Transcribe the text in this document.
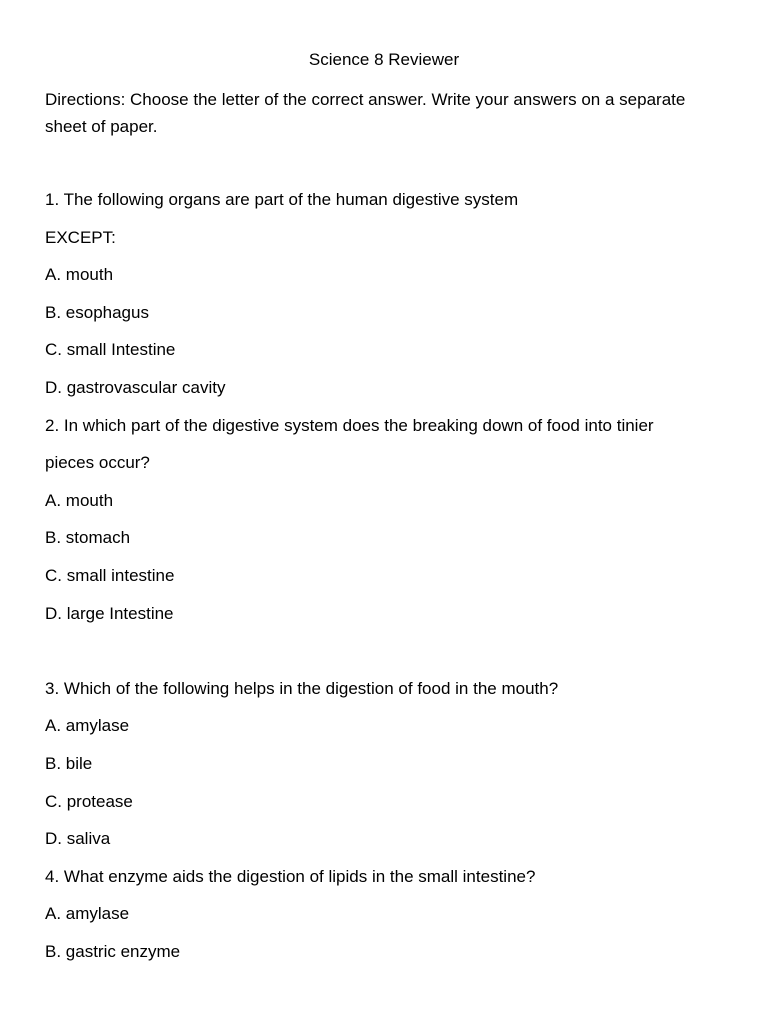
Science 8 Reviewer
Directions: Choose the letter of the correct answer. Write your answers on a separate sheet of paper.
1. The following organs are part of the human digestive system
EXCEPT:
A. mouth
B. esophagus
C. small Intestine
D. gastrovascular cavity
2. In which part of the digestive system does the breaking down of food into tinier
pieces occur?
A. mouth
B. stomach
C. small intestine
D. large Intestine
3. Which of the following helps in the digestion of food in the mouth?
A. amylase
B. bile
C. protease
D. saliva
4. What enzyme aids the digestion of lipids in the small intestine?
A. amylase
B. gastric enzyme
